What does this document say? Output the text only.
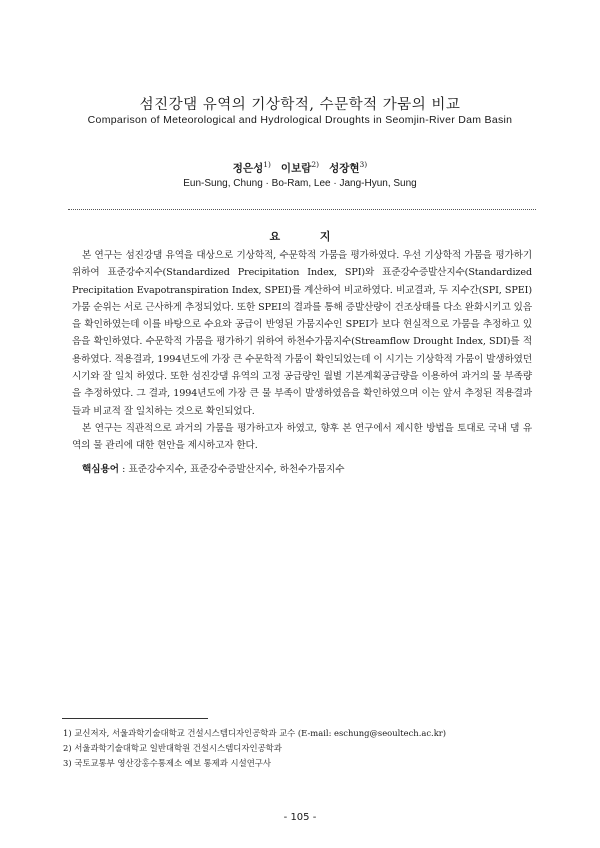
섬진강댐 유역의 기상학적, 수문학적 가뭄의 비교
Comparison of Meteorological and Hydrological Droughts in Seomjin-River Dam Basin
정은성$^{1)}$ 이보람$^{2)}$ 성장현$^{3)}$
Eun-Sung, Chung · Bo-Ram, Lee · Jang-Hyun, Sung
요 지

본 연구는 섬진강댐 유역을 대상으로 기상학적, 수문학적 가뭄을 평가하였다. 우선 기상학적 가뭄을 평가하기 위하여 표준강수지수(Standardized Precipitation Index, SPI)와 표준강수증발산지수(Standardized Precipitation Evapotranspiration Index, SPEI)를 계산하여 비교하였다. 비교결과, 두 지수간(SPI, SPEI) 가뭄 순위는 서로 근사하게 추정되었다. 또한 SPEI의 결과를 통해 증발산량이 건조상태를 다소 완화시키고 있음을 확인하였는데 이를 바탕으로 수요와 공급이 반영된 가뭄지수인 SPEI가 보다 현실적으로 가뭄을 추정하고 있음을 확인하였다. 수문학적 가뭄을 평가하기 위하여 하천수가뭄지수(Streamflow Drought Index, SDI)를 적용하였다. 적용결과, 1994년도에 가장 큰 수문학적 가뭄이 확인되었는데 이 시기는 기상학적 가뭄이 발생하였던 시기와 잘 일치 하였다. 또한 섬진강댐 유역의 고정 공급량인 월별 기본계획공급량을 이용하여 과거의 물 부족량을 추정하였다. 그 결과, 1994년도에 가장 큰 물 부족이 발생하였음을 확인하였으며 이는 앞서 추정된 적용결과들과 비교적 잘 일치하는 것으로 확인되었다.

본 연구는 직관적으로 과거의 가뭄을 평가하고자 하였고, 향후 본 연구에서 제시한 방법을 토대로 국내 댐 유역의 물 관리에 대한 현안을 제시하고자 한다.

핵심용어 : 표준강수지수, 표준강수증발산지수, 하천수가뭄지수
1) 교신저자, 서울과학기술대학교 건설시스템디자인공학과 교수 (E-mail: eschung@seoultech.ac.kr)
2) 서울과학기술대학교 일반대학원 건설시스템디자인공학과
3) 국토교통부 영산강홍수통제소 예보 통제과 시설연구사
- 105 -
